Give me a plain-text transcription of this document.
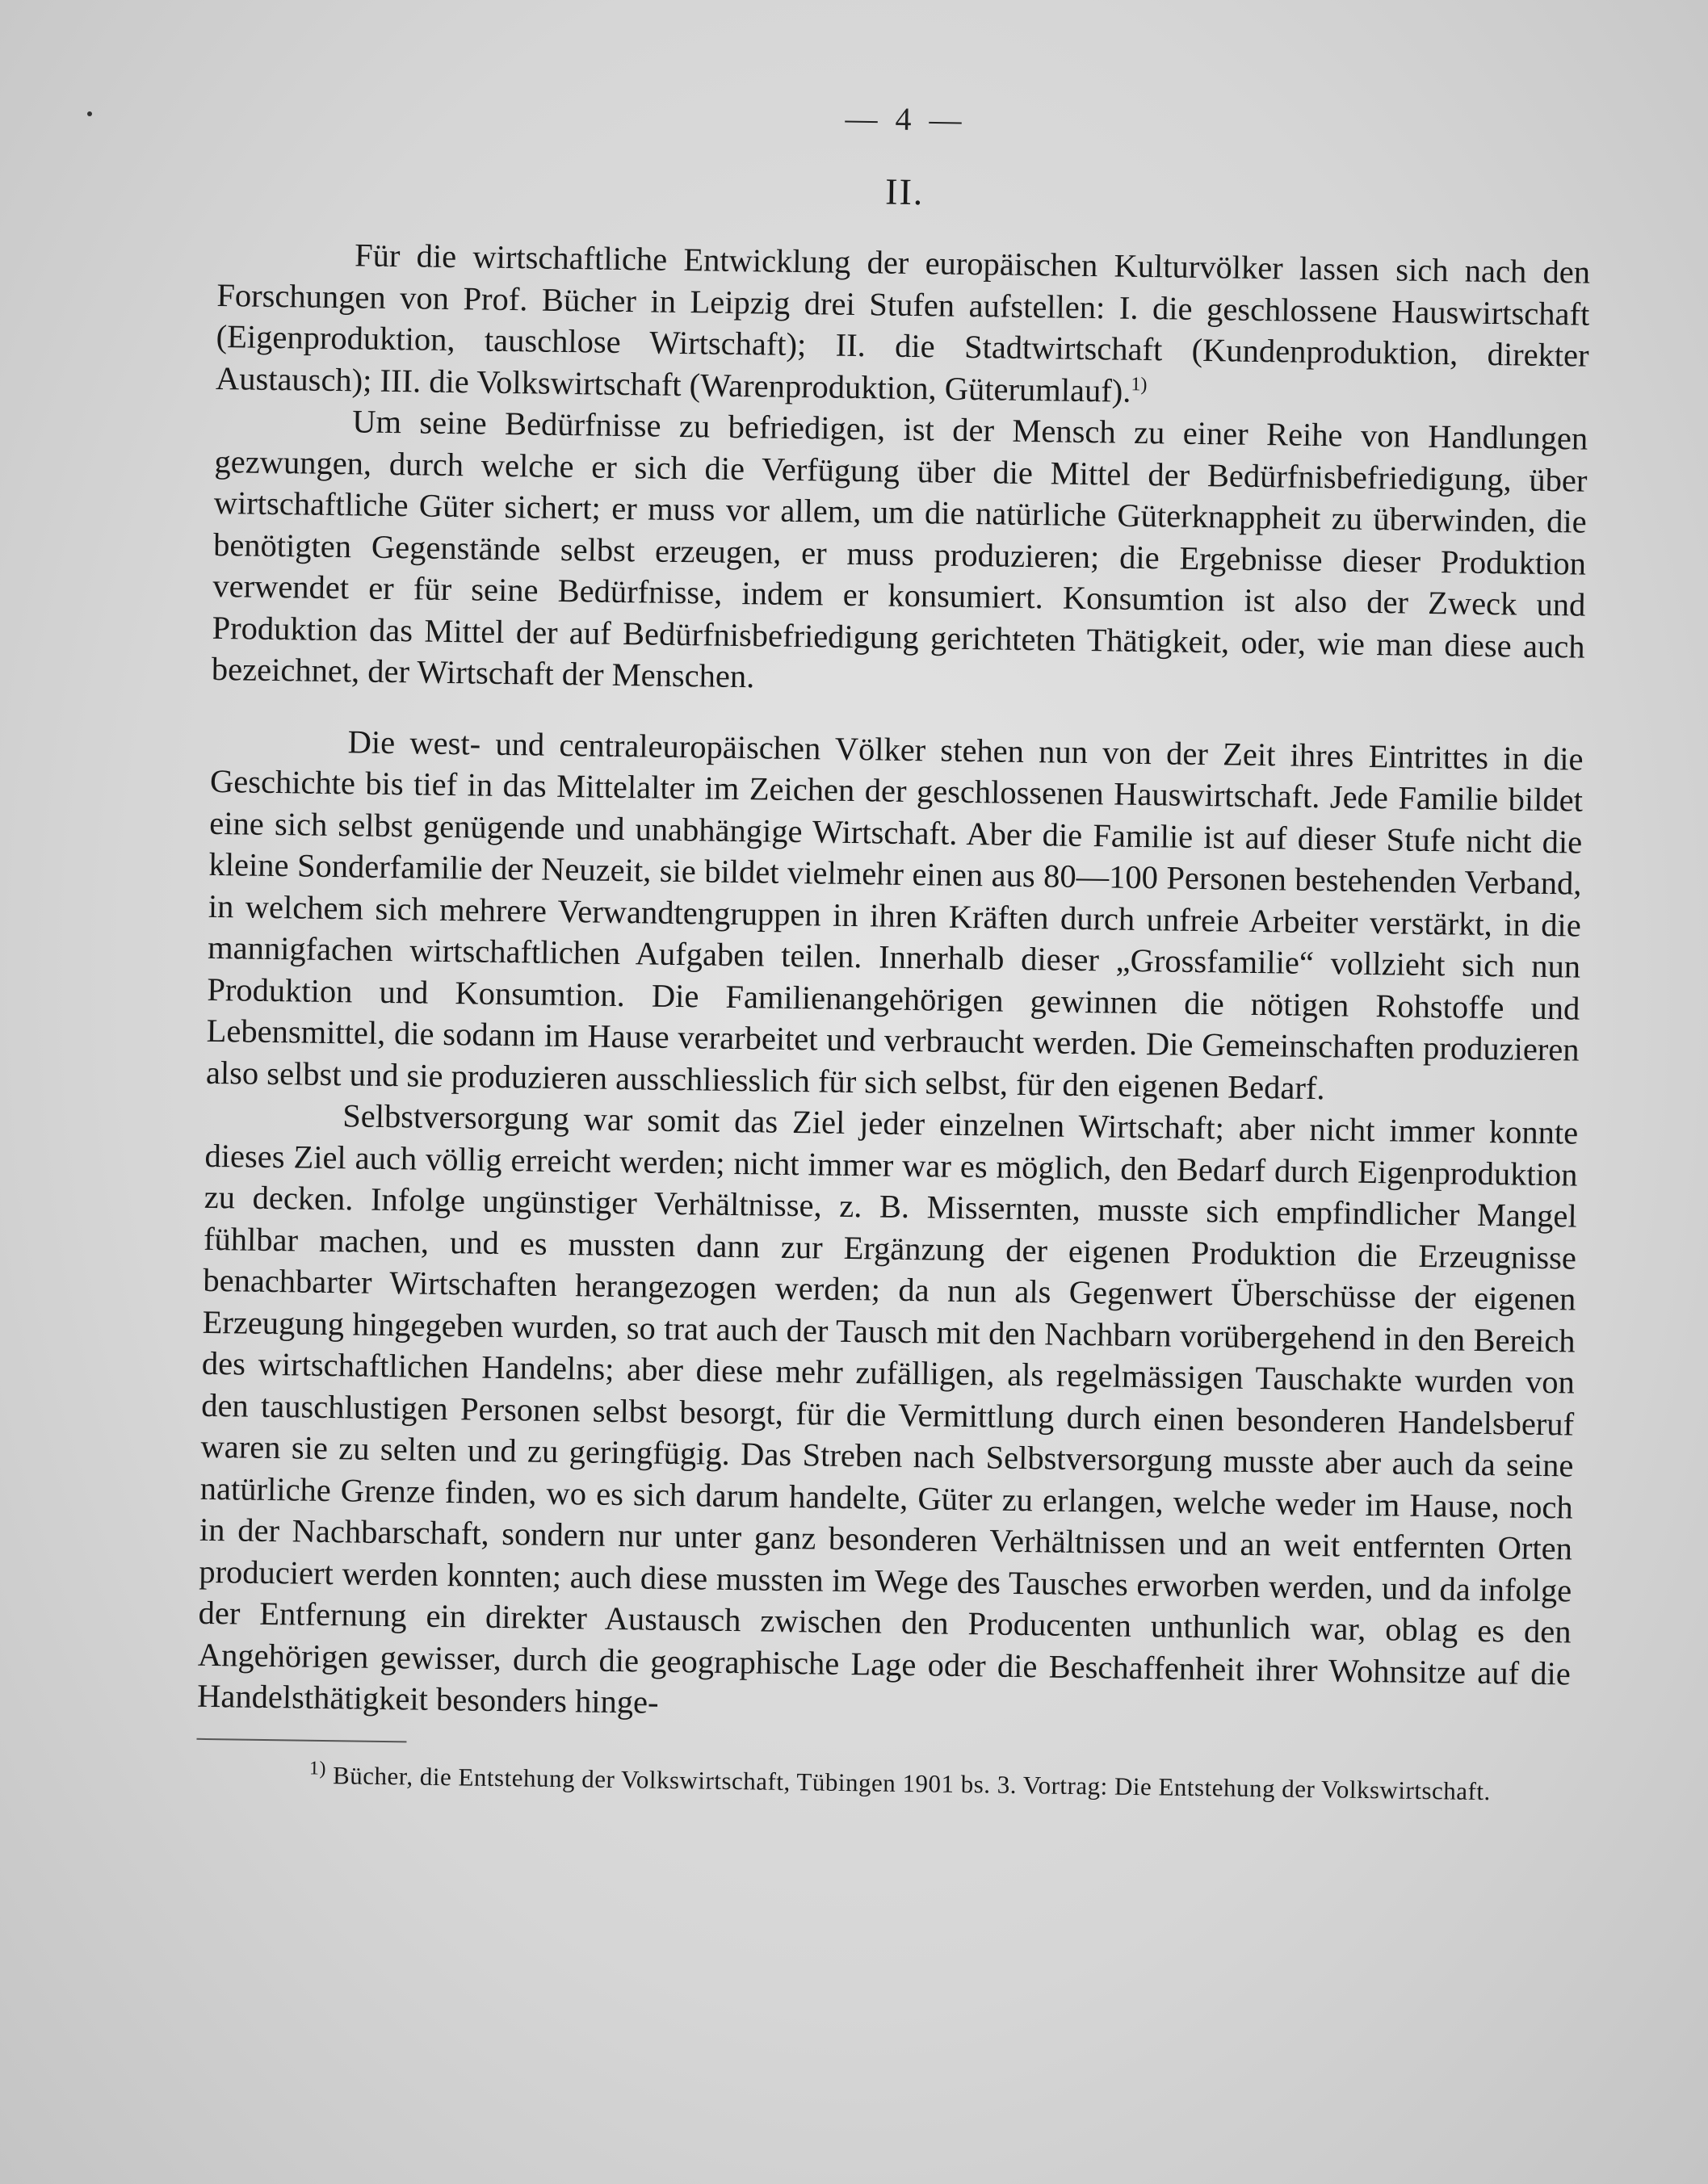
— 4 —
II.

Für die wirtschaftliche Entwicklung der europäischen Kulturvölker lassen sich nach den Forschungen von Prof. Bücher in Leipzig drei Stufen aufstellen: I. die geschlossene Hauswirtschaft (Eigenproduktion, tauschlose Wirtschaft); II. die Stadtwirtschaft (Kundenproduktion, direkter Austausch); III. die Volkswirtschaft (Warenproduktion, Güterumlauf).$^{1)}$

Um seine Bedürfnisse zu befriedigen, ist der Mensch zu einer Reihe von Handlungen gezwungen, durch welche er sich die Verfügung über die Mittel der Bedürfnisbefriedigung, über wirtschaftliche Güter sichert; er muss vor allem, um die natürliche Güterknappheit zu überwinden, die benötigten Gegenstände selbst erzeugen, er muss produzieren; die Ergebnisse dieser Produktion verwendet er für seine Bedürfnisse, indem er konsumiert. Konsumtion ist also der Zweck und Produktion das Mittel der auf Bedürfnisbefriedigung gerichteten Thätigkeit, oder, wie man diese auch bezeichnet, der Wirtschaft der Menschen.

Die west- und centraleuropäischen Völker stehen nun von der Zeit ihres Eintrittes in die Geschichte bis tief in das Mittelalter im Zeichen der geschlossenen Hauswirtschaft. Jede Familie bildet eine sich selbst genügende und unabhängige Wirtschaft. Aber die Familie ist auf dieser Stufe nicht die kleine Sonderfamilie der Neuzeit, sie bildet vielmehr einen aus 80—100 Personen bestehenden Verband, in welchem sich mehrere Verwandtengruppen in ihren Kräften durch unfreie Arbeiter verstärkt, in die mannigfachen wirtschaftlichen Aufgaben teilen. Innerhalb dieser „Grossfamilie“ vollzieht sich nun Produktion und Konsumtion. Die Familienangehörigen gewinnen die nötigen Rohstoffe und Lebensmittel, die sodann im Hause verarbeitet und verbraucht werden. Die Gemeinschaften produzieren also selbst und sie produzieren ausschliesslich für sich selbst, für den eigenen Bedarf.

Selbstversorgung war somit das Ziel jeder einzelnen Wirtschaft; aber nicht immer konnte dieses Ziel auch völlig erreicht werden; nicht immer war es möglich, den Bedarf durch Eigenproduktion zu decken. Infolge ungünstiger Verhältnisse, z. B. Missernten, musste sich empfindlicher Mangel fühlbar machen, und es mussten dann zur Ergänzung der eigenen Produktion die Erzeugnisse benachbarter Wirtschaften herangezogen werden; da nun als Gegenwert Überschüsse der eigenen Erzeugung hingegeben wurden, so trat auch der Tausch mit den Nachbarn vorübergehend in den Bereich des wirtschaftlichen Handelns; aber diese mehr zufälligen, als regelmässigen Tauschakte wurden von den tauschlustigen Personen selbst besorgt, für die Vermittlung durch einen besonderen Handelsberuf waren sie zu selten und zu geringfügig. Das Streben nach Selbstversorgung musste aber auch da seine natürliche Grenze finden, wo es sich darum handelte, Güter zu erlangen, welche weder im Hause, noch in der Nachbarschaft, sondern nur unter ganz besonderen Verhältnissen und an weit entfernten Orten produciert werden konnten; auch diese mussten im Wege des Tausches erworben werden, und da infolge der Entfernung ein direkter Austausch zwischen den Producenten unthunlich war, oblag es den Angehörigen gewisser, durch die geographische Lage oder die Beschaffenheit ihrer Wohnsitze auf die Handelsthätigkeit besonders hinge-

$^{1)}$ Bücher, die Entstehung der Volkswirtschaft, Tübingen 1901 bs. 3. Vortrag: Die Entstehung der Volkswirtschaft.
